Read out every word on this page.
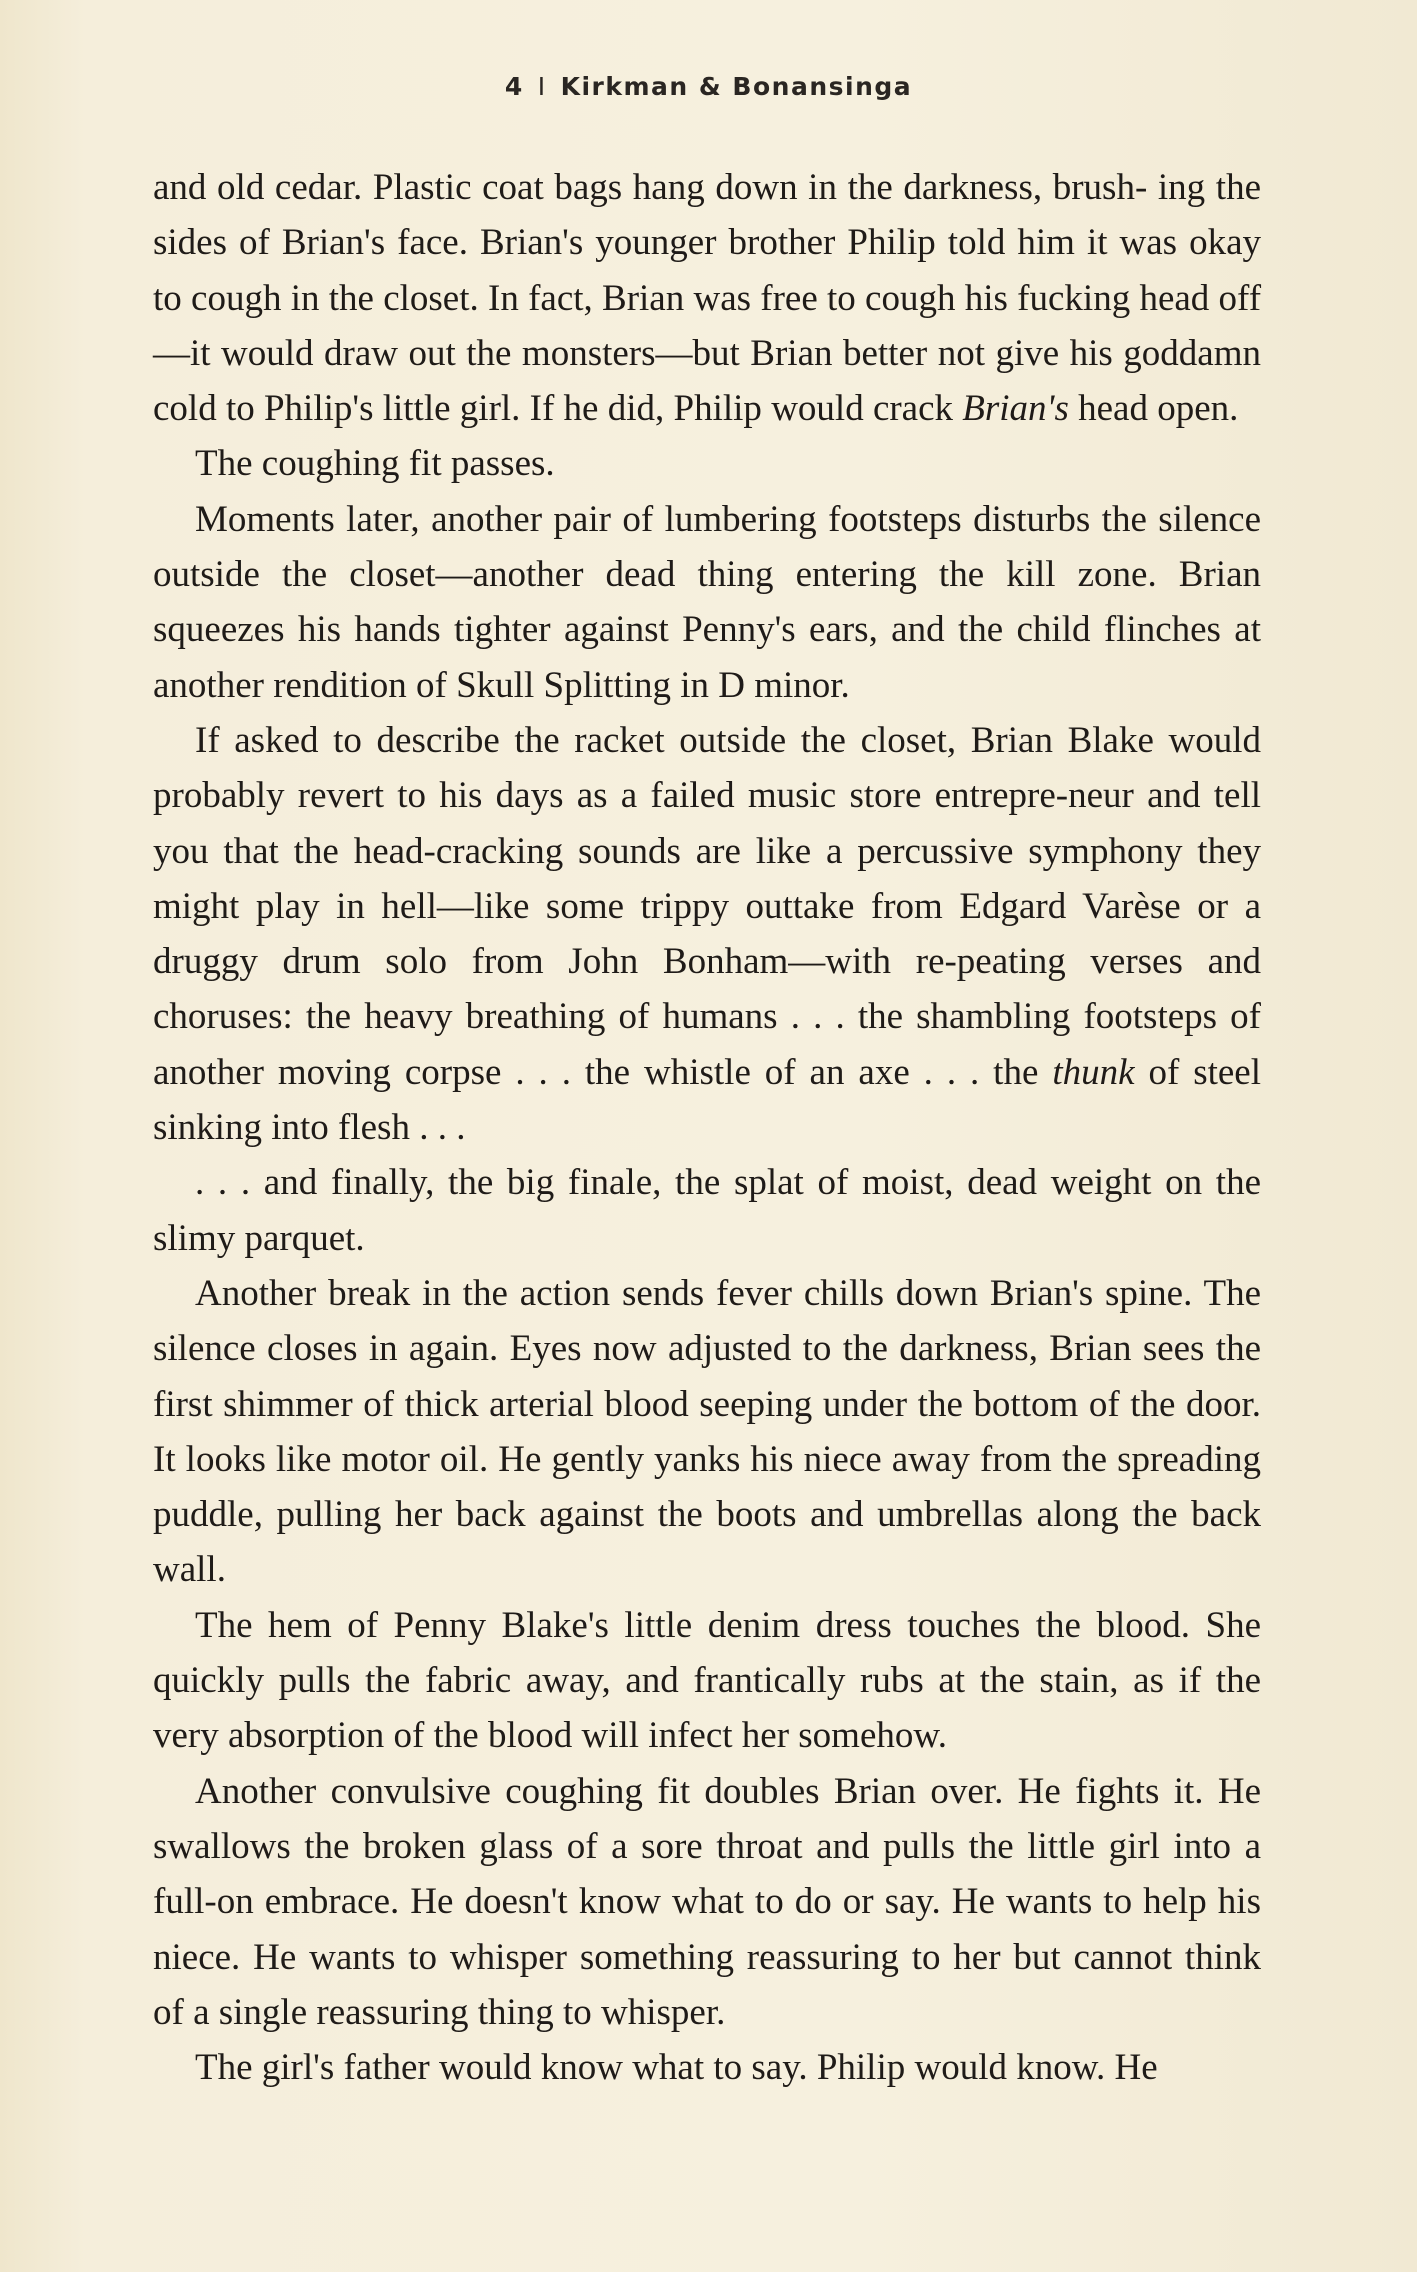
4 I Kirkman & Bonansinga

and old cedar. Plastic coat bags hang down in the darkness, brush- ing the sides of Brian's face. Brian's younger brother Philip told him it was okay to cough in the closet. In fact, Brian was free to cough his fucking head off—it would draw out the monsters—but Brian better not give his goddamn cold to Philip's little girl. If he did, Philip would crack Brian's head open.

The coughing fit passes.

Moments later, another pair of lumbering footsteps disturbs the silence outside the closet—another dead thing entering the kill zone. Brian squeezes his hands tighter against Penny's ears, and the child flinches at another rendition of Skull Splitting in D minor.

If asked to describe the racket outside the closet, Brian Blake would probably revert to his days as a failed music store entrepre-neur and tell you that the head-cracking sounds are like a percussive symphony they might play in hell—like some trippy outtake from Edgard Varèse or a druggy drum solo from John Bonham—with re-peating verses and choruses: the heavy breathing of humans . . . the shambling footsteps of another moving corpse . . . the whistle of an axe . . . the thunk of steel sinking into flesh . . .

. . . and finally, the big finale, the splat of moist, dead weight on the slimy parquet.

Another break in the action sends fever chills down Brian's spine. The silence closes in again. Eyes now adjusted to the darkness, Brian sees the first shimmer of thick arterial blood seeping under the bottom of the door. It looks like motor oil. He gently yanks his niece away from the spreading puddle, pulling her back against the boots and umbrellas along the back wall.

The hem of Penny Blake's little denim dress touches the blood. She quickly pulls the fabric away, and frantically rubs at the stain, as if the very absorption of the blood will infect her somehow.

Another convulsive coughing fit doubles Brian over. He fights it. He swallows the broken glass of a sore throat and pulls the little girl into a full-on embrace. He doesn't know what to do or say. He wants to help his niece. He wants to whisper something reassuring to her but cannot think of a single reassuring thing to whisper.

The girl's father would know what to say. Philip would know. He
